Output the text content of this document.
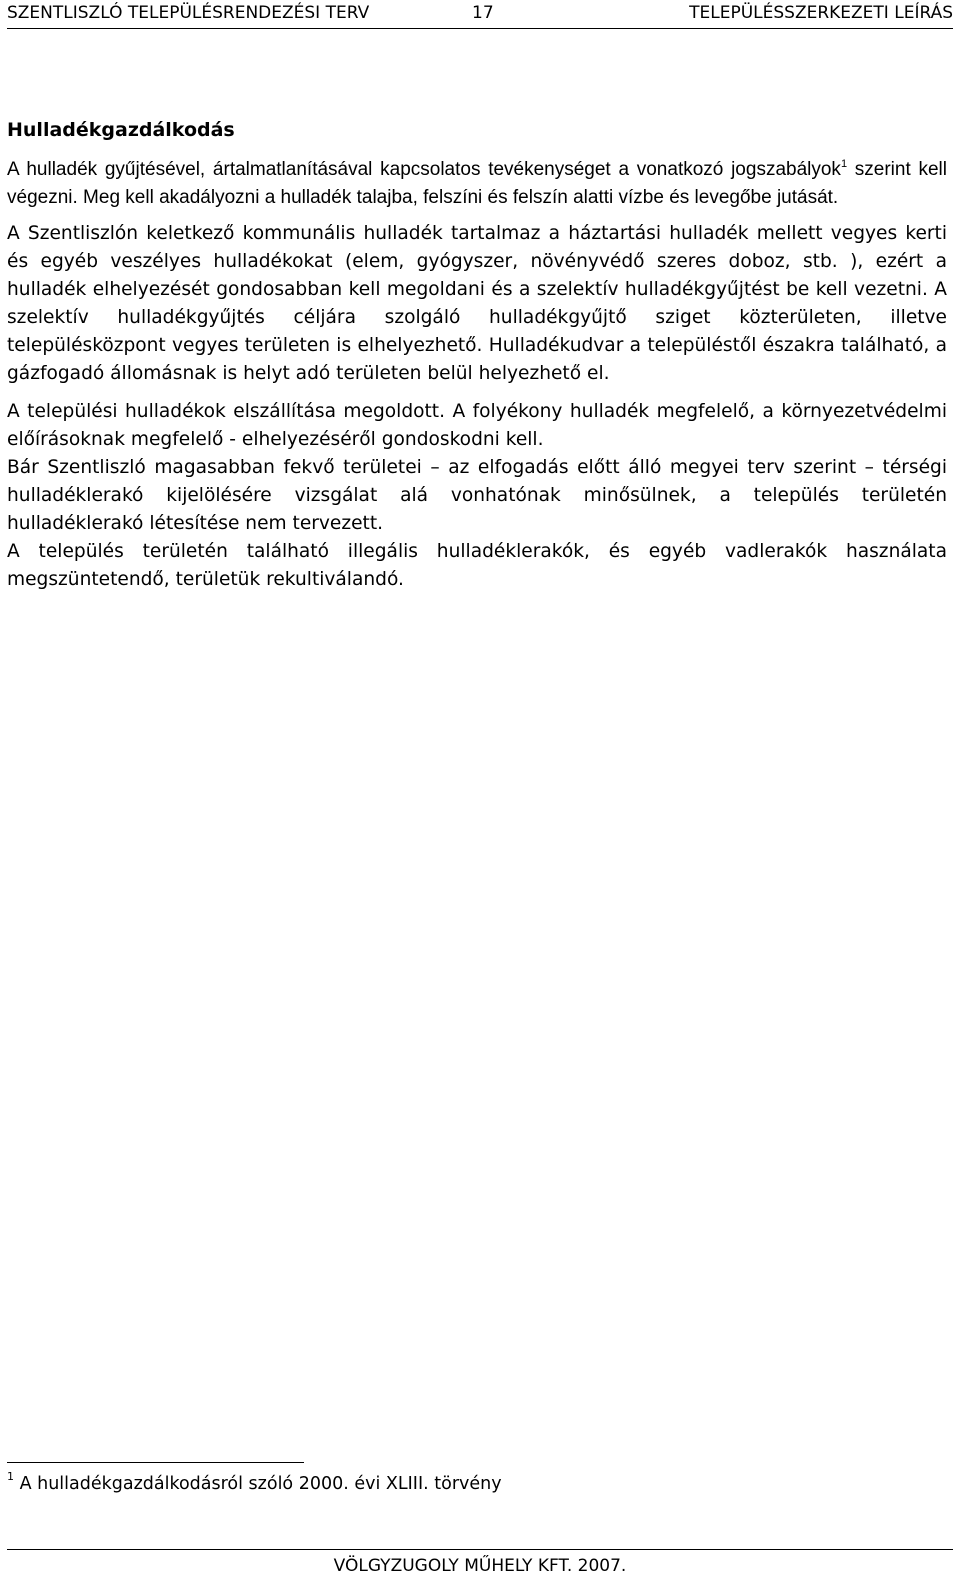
SZENTLISZLÓ TELEPÜLÉSRENDEZÉSI TERV	17	TELEPÜLÉSSZERKEZETI LEÍRÁS
Hulladékgazdálkodás

A hulladék gyűjtésével, ártalmatlanításával kapcsolatos tevékenységet a vonatkozó jogszabályok$^1$ szerint kell végezni. Meg kell akadályozni a hulladék talajba, felszíni és felszín alatti vízbe és levegőbe jutását.

A Szentliszlón keletkező kommunális hulladék tartalmaz a háztartási hulladék mellett vegyes kerti és egyéb veszélyes hulladékokat (elem, gyógyszer, növényvédő szeres doboz, stb. ), ezért a hulladék elhelyezését gondosabban kell megoldani és a szelektív hulladékgyűjtést be kell vezetni. A szelektív hulladékgyűjtés céljára szolgáló hulladékgyűjtő sziget közterületen, illetve településközpont vegyes területen is elhelyezhető. Hulladékudvar a településtől északra található, a gázfogadó állomásnak is helyt adó területen belül helyezhető el.

A települési hulladékok elszállítása megoldott. A folyékony hulladék megfelelő, a környezetvédelmi előírásoknak megfelelő - elhelyezéséről gondoskodni kell.

Bár Szentliszló magasabban fekvő területei – az elfogadás előtt álló megyei terv szerint – térségi hulladéklerakó kijelölésére vizsgálat alá vonhatónak minősülnek, a település területén hulladéklerakó létesítése nem tervezett.

A település területén található illegális hulladéklerakók, és egyéb vadlerakók használata megszüntetendő, területük rekultiválandó.

$^1$ A hulladékgazdálkodásról szóló 2000. évi XLIII. törvény
VÖLGYZUGOLY MŰHELY KFT. 2007.
